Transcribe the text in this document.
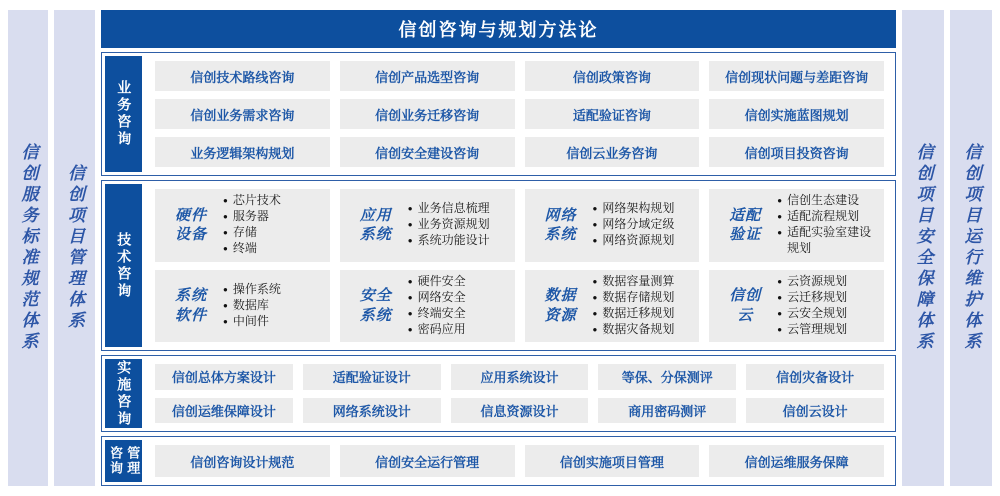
信创服务标准规范体系 信创项目管理体系
信创咨询与规划方法论
业务咨询
信创技术路线咨询	信创产品选型咨询	信创政策咨询	信创现状问题与差距咨询
信创业务需求咨询	信创业务迁移咨询	适配验证咨询	信创实施蓝图规划
业务逻辑架构规划	信创安全建设咨询	信创云业务咨询	信创项目投资咨询
技术咨询
硬件
设备
● 芯片技术
● 服务器
● 存储
● 终端
应用
系统
● 业务信息梳理
● 业务资源规划
● 系统功能设计
网络
系统
● 网络架构规划
● 网络分域定级
● 网络资源规划
适配
验证
● 信创生态建设
● 适配流程规划
● 适配实验室建设规划
系统
软件
● 操作系统
● 数据库
● 中间件
安全
系统
● 硬件安全
● 网络安全
● 终端安全
● 密码应用
数据
资源
● 数据容量测算
● 数据存储规划
● 数据迁移规划
● 数据灾备规划
信创
云
● 云资源规划
● 云迁移规划
● 云安全规划
● 云管理规划
实施咨询	信创总体方案设计	适配验证设计	应用系统设计	等保、分保测评	信创灾备设计
信创运维保障设计	网络系统设计	信息资源设计	商用密码测评	信创云设计
咨询 管理	信创咨询设计规范	信创安全运行管理	信创实施项目管理	信创运维服务保障
信创项目安全保障体系 信创项目运行维护体系
